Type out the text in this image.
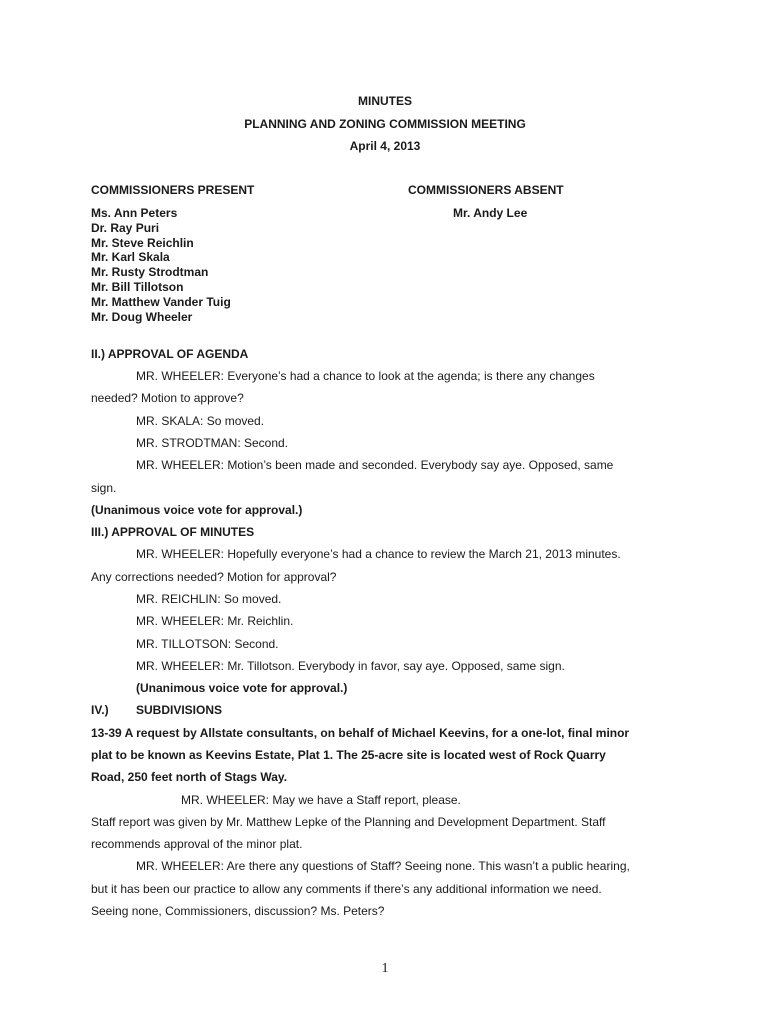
MINUTES
PLANNING AND ZONING COMMISSION MEETING
April 4, 2013
COMMISSIONERS PRESENT	COMMISSIONERS ABSENT
Ms. Ann Peters
Dr. Ray Puri
Mr. Steve Reichlin
Mr. Karl Skala
Mr. Rusty Strodtman
Mr. Bill Tillotson
Mr. Matthew Vander Tuig
Mr. Doug Wheeler
Mr. Andy Lee
II.) APPROVAL OF AGENDA
MR. WHEELER: Everyone’s had a chance to look at the agenda; is there any changes
needed? Motion to approve?
MR. SKALA: So moved.
MR. STRODTMAN: Second.
MR. WHEELER: Motion’s been made and seconded. Everybody say aye. Opposed, same
sign.
(Unanimous voice vote for approval.)
III.) APPROVAL OF MINUTES
MR. WHEELER: Hopefully everyone’s had a chance to review the March 21, 2013 minutes.
Any corrections needed? Motion for approval?
MR. REICHLIN: So moved.
MR. WHEELER: Mr. Reichlin.
MR. TILLOTSON: Second.
MR. WHEELER: Mr. Tillotson. Everybody in favor, say aye. Opposed, same sign.
(Unanimous voice vote for approval.)
IV.) SUBDIVISIONS
13-39 A request by Allstate consultants, on behalf of Michael Keevins, for a one-lot, final minor
plat to be known as Keevins Estate, Plat 1. The 25-acre site is located west of Rock Quarry
Road, 250 feet north of Stags Way.
MR. WHEELER: May we have a Staff report, please.
Staff report was given by Mr. Matthew Lepke of the Planning and Development Department. Staff
recommends approval of the minor plat.
MR. WHEELER: Are there any questions of Staff? Seeing none. This wasn’t a public hearing,
but it has been our practice to allow any comments if there’s any additional information we need.
Seeing none, Commissioners, discussion? Ms. Peters?
1
